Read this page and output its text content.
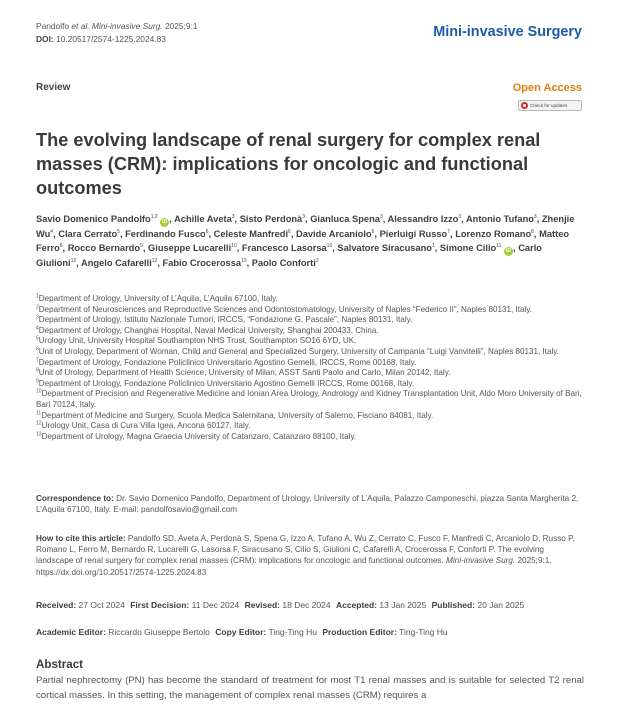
Pandolfo et al. Mini-invasive Surg. 2025;9:1
DOI: 10.20517/2574-1225.2024.83	Mini-invasive Surgery
Review	Open Access
Check for updates
The evolving landscape of renal surgery for complex renal masses (CRM): implications for oncologic and functional outcomes
Savio Domenico Pandolfo$^{1,2}$ iD , Achille Aveta$^3$, Sisto Perdonà$^3$, Gianluca Spena$^3$, Alessandro Izzo$^3$, Antonio Tufano$^3$, Zhenjie Wu$^4$, Clara Cerrato$^5$, Ferdinando Fusco$^6$, Celeste Manfredi$^6$, Davide Arcaniolo$^6$, Pierluigi Russo$^7$, Lorenzo Romano$^8$, Matteo Ferro$^8$, Rocco Bernardo$^9$, Giuseppe Lucarelli$^{10}$, Francesco Lasorsa$^{10}$, Salvatore Siracusano$^1$, Simone Cilio$^{11}$ iD , Carlo Giulioni$^{12}$, Angelo Cafarelli$^{12}$, Fabio Crocerossa$^{13}$, Paolo Conforti$^2$
$^1$Department of Urology, University of L’Aquila, L’Aquila 67100, Italy.
$^2$Department of Neurosciences and Reproductive Sciences and Odontostomatology, University of Naples “Federico II”, Naples 80131, Italy.
$^3$Department of Urology, Istituto Nazionale Tumori, IRCCS, “Fondazione G. Pascale”, Naples 80131, Italy.
$^4$Department of Urology, Changhai Hospital, Naval Medical University, Shanghai 200433, China.
$^5$Urology Unit, University Hospital Southampton NHS Trust, Southampton SO16 6YD, UK.
$^6$Unit of Urology, Department of Woman, Child and General and Specialized Surgery, University of Campania “Luigi Vanvitelli”, Naples 80131, Italy.
$^7$Department of Urology, Fondazione Policlinico Universitario Agostino Gemelli, IRCCS, Rome 00168, Italy.
$^8$Unit of Urology, Department of Health Science, University of Milan, ASST Santi Paolo and Carlo, Milan 20142, Italy.
$^9$Department of Urology, Fondazione Policlinico Universitario Agostino Gemelli IRCCS, Rome 00168, Italy.
$^{10}$Department of Precision and Regenerative Medicine and Ionian Area Urology, Andrology and Kidney Transplantation Unit, Aldo Moro University of Bari, Bari 70124, Italy.
$^{11}$Department of Medicine and Surgery, Scuola Medica Salernitana, University of Salerno, Fisciano 84081, Italy.
$^{12}$Urology Unit, Casa di Cura Villa Igea, Ancona 60127, Italy.
$^{13}$Department of Urology, Magna Graecia University of Catanzaro, Catanzaro 88100, Italy.
Correspondence to: Dr. Savio Domenico Pandolfo, Department of Urology, University of L’Aquila, Palazzo Camponeschi, piazza Santa Margherita 2, L’Aquila 67100, Italy. E-mail: pandolfosavio@gmail.com
How to cite this article: Pandolfo SD, Aveta A, Perdonà S, Spena G, Izzo A, Tufano A, Wu Z, Cerrato C, Fusco F, Manfredi C, Arcaniolo D, Russo P, Romano L, Ferro M, Bernardo R, Lucarelli G, Lasorsa F, Siracusano S, Cilio S, Giulioni C, Cafarelli A, Crocerossa F, Conforti P. The evolving landscape of renal surgery for complex renal masses (CRM): implications for oncologic and functional outcomes. Mini-invasive Surg. 2025;9:1. https://dx.doi.org/10.20517/2574-1225.2024.83
Received: 27 Oct 2024 First Decision: 11 Dec 2024 Revised: 18 Dec 2024 Accepted: 13 Jan 2025 Published: 20 Jan 2025
Academic Editor: Riccardo Giuseppe Bertolo Copy Editor: Ting-Ting Hu Production Editor: Ting-Ting Hu
Abstract
Partial nephrectomy (PN) has become the standard of treatment for most T1 renal masses and is suitable for selected T2 renal cortical masses. In this setting, the management of complex renal masses (CRM) requires a
